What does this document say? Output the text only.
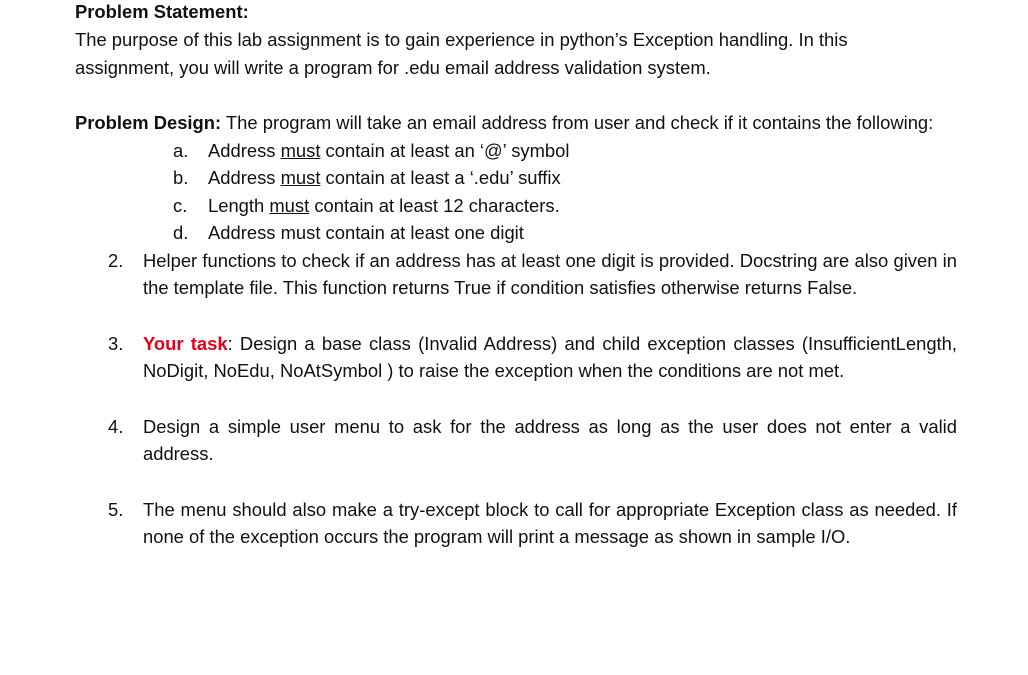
Problem Statement:
The purpose of this lab assignment is to gain experience in python’s Exception handling. In this
assignment, you will write a program for .edu email address validation system.
Problem Design: The program will take an email address from user and check if it contains the following:
a. Address must contain at least an ‘@’ symbol
b. Address must contain at least a ‘.edu’ suffix
c. Length must contain at least 12 characters.
d. Address must contain at least one digit
2. Helper functions to check if an address has at least one digit is provided. Docstring are also given in the template file. This function returns True if condition satisfies otherwise returns False.
3. Your task: Design a base class (Invalid Address) and child exception classes (InsufficientLength, NoDigit, NoEdu, NoAtSymbol ) to raise the exception when the conditions are not met.
4. Design a simple user menu to ask for the address as long as the user does not enter a valid address.
5. The menu should also make a try-except block to call for appropriate Exception class as needed. If none of the exception occurs the program will print a message as shown in sample I/O.
